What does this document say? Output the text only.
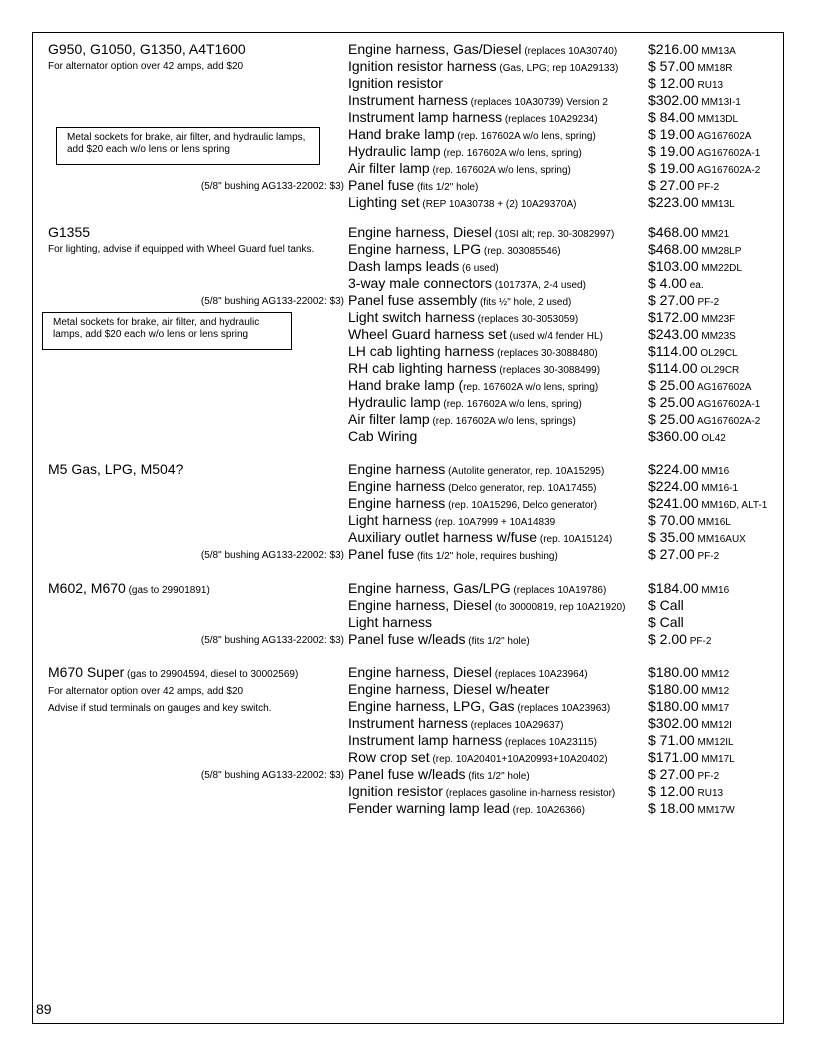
G950, G1050, G1350, A4T1600
For alternator option over 42 amps, add $20
Metal sockets for brake, air filter, and hydraulic lamps, add $20 each w/o lens or lens spring
Engine harness, Gas/Diesel (replaces 10A30740) $216.00 MM13A
Ignition resistor harness (Gas, LPG; rep 10A29133) $ 57.00 MM18R
Ignition resistor	$ 12.00 RU13
Instrument harness (replaces 10A30739) Version 2	$302.00 MM13I-1
Instrument lamp harness (replaces 10A29234)	$ 84.00 MM13DL
Hand brake lamp (rep. 167602A w/o lens, spring)	$ 19.00 AG167602A
Hydraulic lamp (rep. 167602A w/o lens, spring)	$ 19.00 AG167602A-1
Air filter lamp (rep. 167602A w/o lens, spring)	$ 19.00 AG167602A-2
(5/8" bushing AG133-22002: $3) Panel fuse (fits 1/2" hole)	$ 27.00 PF-2
Lighting set (REP 10A30738 + (2) 10A29370A)	$223.00 MM13L
G1355
For lighting, advise if equipped with Wheel Guard fuel tanks.
Metal sockets for brake, air filter, and hydraulic lamps, add $20 each w/o lens or lens spring
Engine harness, Diesel (10SI alt; rep. 30-3082997) $468.00 MM21
Engine harness, LPG (rep. 303085546)	$468.00 MM28LP
Dash lamps leads (6 used)	$103.00 MM22DL
3-way male connectors (101737A, 2-4 used)	$ 4.00 ea.
(5/8" bushing AG133-22002: $3) Panel fuse assembly (fits ½" hole, 2 used)	$ 27.00 PF-2
Light switch harness (replaces 30-3053059)	$172.00 MM23F
Wheel Guard harness set (used w/4 fender HL)	$243.00 MM23S
LH cab lighting harness (replaces 30-3088480)	$114.00 OL29CL
RH cab lighting harness (replaces 30-3088499)	$114.00 OL29CR
Hand brake lamp (rep. 167602A w/o lens, spring)	$ 25.00 AG167602A
Hydraulic lamp (rep. 167602A w/o lens, spring)	$ 25.00 AG167602A-1
Air filter lamp (rep. 167602A w/o lens, springs)	$ 25.00 AG167602A-2
Cab Wiring	$360.00 OL42
M5 Gas, LPG, M504?	Engine harness (Autolite generator, rep. 10A15295)	$224.00 MM16
Engine harness (Delco generator, rep. 10A17455)	$224.00 MM16-1
Engine harness (rep. 10A15296, Delco generator)	$241.00 MM16D, ALT-1
Light harness (rep. 10A7999 + 10A14839	$ 70.00 MM16L
Auxiliary outlet harness w/fuse (rep. 10A15124)	$ 35.00 MM16AUX
(5/8" bushing AG133-22002: $3) Panel fuse (fits 1/2" hole, requires bushing)	$ 27.00 PF-2
M602, M670 (gas to 29901891)	Engine harness, Gas/LPG (replaces 10A19786)	$184.00 MM16
Engine harness, Diesel (to 30000819, rep 10A21920) $ Call
Light harness	$ Call
(5/8" bushing AG133-22002: $3) Panel fuse w/leads (fits 1/2" hole)	$ 2.00 PF-2
M670 Super (gas to 29904594, diesel to 30002569)
For alternator option over 42 amps, add $20
Advise if stud terminals on gauges and key switch.
Engine harness, Diesel (replaces 10A23964)	$180.00 MM12
Engine harness, Diesel w/heater	$180.00 MM12
Engine harness, LPG, Gas (replaces 10A23963)	$180.00 MM17
Instrument harness (replaces 10A29637)	$302.00 MM12I
Instrument lamp harness (replaces 10A23115)	$ 71.00 MM12IL
Row crop set (rep. 10A20401+10A20993+10A20402)	$171.00 MM17L
(5/8" bushing AG133-22002: $3) Panel fuse w/leads (fits 1/2" hole)	$ 27.00 PF-2
Ignition resistor (replaces gasoline in-harness resistor) $ 12.00 RU13
Fender warning lamp lead (rep. 10A26366)	$ 18.00 MM17W
89
